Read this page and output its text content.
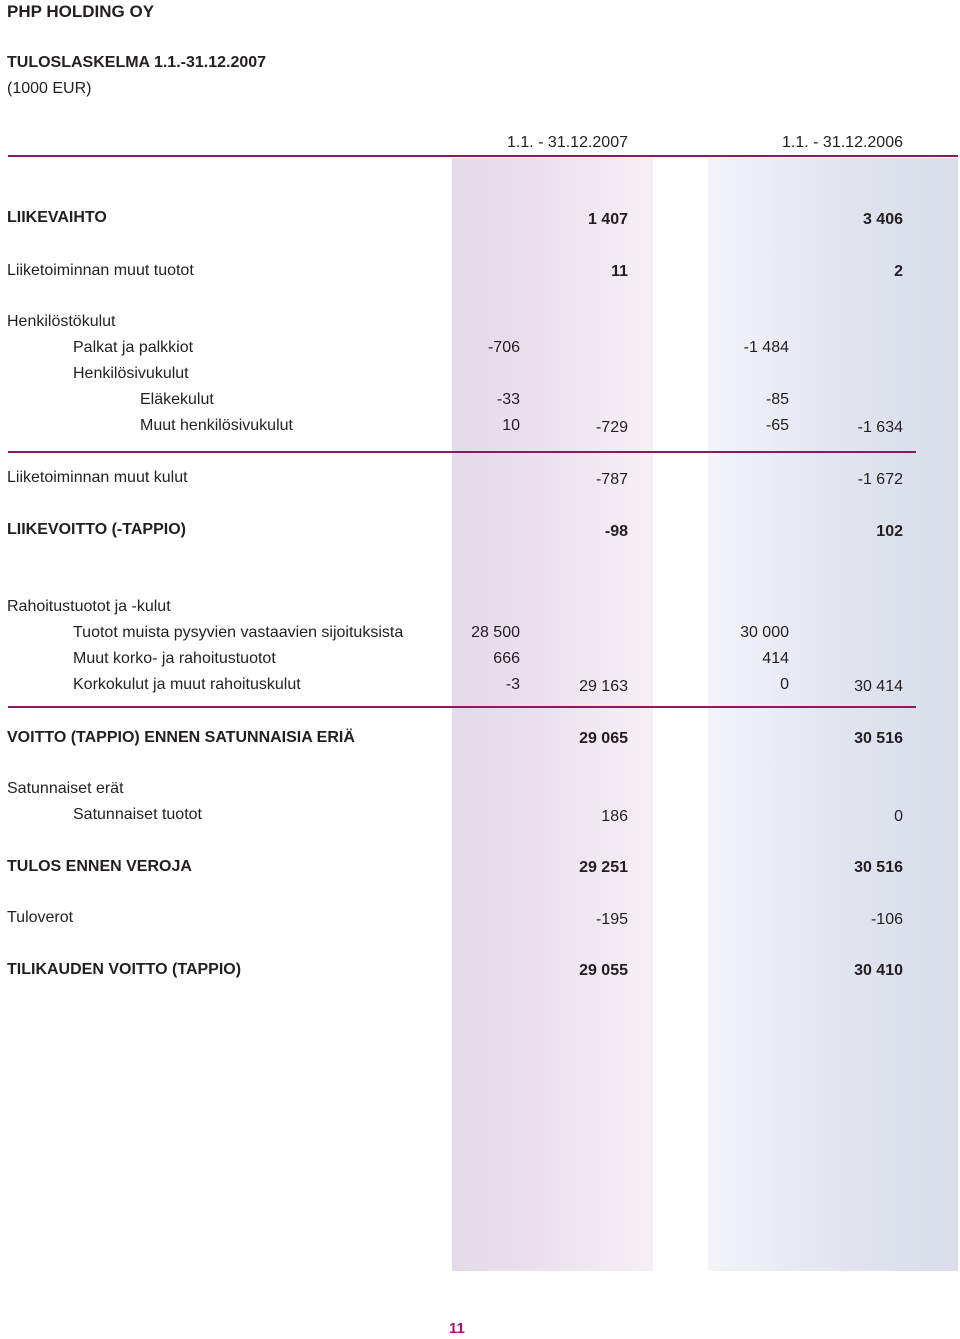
PHP HOLDING OY
TULOSLASKELMA 1.1.-31.12.2007
(1000 EUR)
1.1. - 31.12.2007	1.1. - 31.12.2006
LIIKEVAIHTO	1 407	3 406
Liiketoiminnan muut tuotot	11	2
Henkilöstökulut
Palkat ja palkkiot	-706	-1 484
Henkilösivukulut
Eläkekulut	-33	-85
Muut henkilösivukulut	10	-729	-65	-1 634
Liiketoiminnan muut kulut	-787	-1 672
LIIKEVOITTO (-TAPPIO)	-98	102
Rahoitustuotot ja -kulut
Tuotot muista pysyvien vastaavien sijoituksista	28 500	30 000
Muut korko- ja rahoitustuotot	666	414
Korkokulut ja muut rahoituskulut	-3	29 163	0	30 414
VOITTO (TAPPIO) ENNEN SATUNNAISIA ERIÄ	29 065	30 516
Satunnaiset erät
Satunnaiset tuotot	186	0
TULOS ENNEN VEROJA	29 251	30 516
Tuloverot	-195	-106
TILIKAUDEN VOITTO (TAPPIO)	29 055	30 410
11
